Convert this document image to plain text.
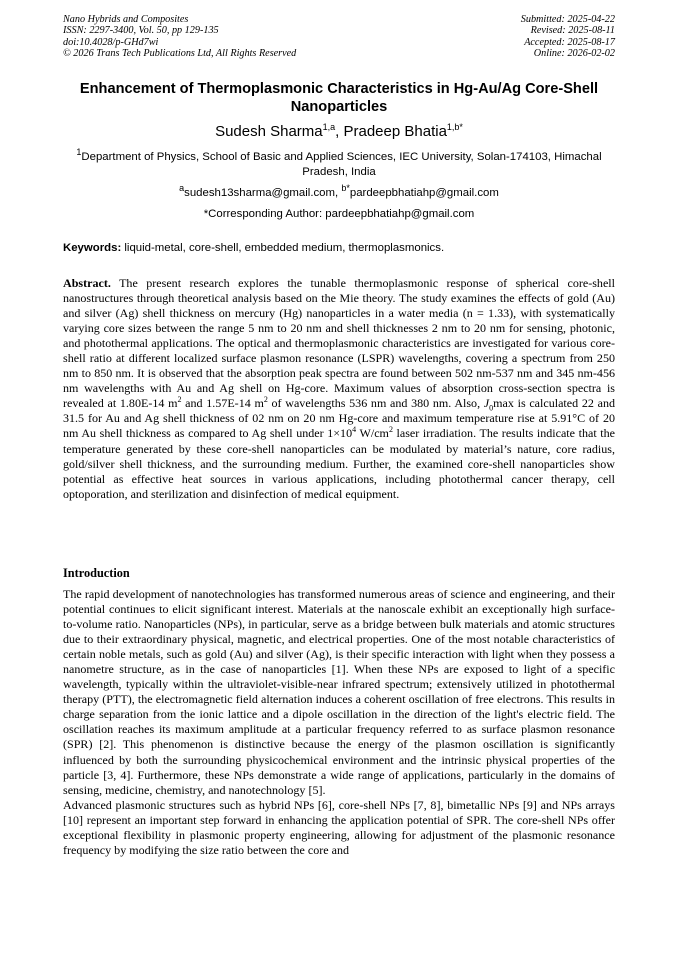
Nano Hybrids and Composites
ISSN: 2297-3400, Vol. 50, pp 129-135
doi:10.4028/p-GHd7wi
© 2026 Trans Tech Publications Ltd, All Rights Reserved
Submitted: 2025-04-22
Revised: 2025-08-11
Accepted: 2025-08-17
Online: 2026-02-02
Enhancement of Thermoplasmonic Characteristics in Hg-Au/Ag Core-Shell Nanoparticles
Sudesh Sharma$^{1,a}$, Pradeep Bhatia$^{1,b*}$
$^1$Department of Physics, School of Basic and Applied Sciences, IEC University, Solan-174103, Himachal Pradesh, India
$^a$sudesh13sharma@gmail.com, $^{b*}$pardeepbhatiahp@gmail.com
*Corresponding Author: pardeepbhatiahp@gmail.com
Keywords: liquid-metal, core-shell, embedded medium, thermoplasmonics.
Abstract. The present research explores the tunable thermoplasmonic response of spherical core-shell nanostructures through theoretical analysis based on the Mie theory. The study examines the effects of gold (Au) and silver (Ag) shell thickness on mercury (Hg) nanoparticles in a water media (n = 1.33), with systematically varying core sizes between the range 5 nm to 20 nm and shell thicknesses 2 nm to 20 nm for sensing, photonic, and photothermal applications. The optical and thermoplasmonic characteristics are investigated for various core-shell ratio at different localized surface plasmon resonance (LSPR) wavelengths, covering a spectrum from 250 nm to 850 nm. It is observed that the absorption peak spectra are found between 502 nm-537 nm and 345 nm-456 nm wavelengths with Au and Ag shell on Hg-core. Maximum values of absorption cross-section spectra is revealed at 1.80E-14 $m^2$ and 1.57E-14 $m^2$ of wavelengths 536 nm and 380 nm. Also, $J_0\max$ is calculated 22 and 31.5 for Au and Ag shell thickness of 02 nm on 20 nm Hg-core and maximum temperature rise at 5.91°C of 20 nm Au shell thickness as compared to Ag shell under $1\times 10^4$ $W/cm^2$ laser irradiation. The results indicate that the temperature generated by these core-shell nanoparticles can be modulated by material’s nature, core radius, gold/silver shell thickness, and the surrounding medium. Further, the examined core-shell nanoparticles show potential as effective heat sources in various applications, including photothermal cancer therapy, cell optoporation, and sterilization and disinfection of medical equipment.
Introduction

The rapid development of nanotechnologies has transformed numerous areas of science and engineering, and their potential continues to elicit significant interest. Materials at the nanoscale exhibit an exceptionally high surface-to-volume ratio. Nanoparticles (NPs), in particular, serve as a bridge between bulk materials and atomic structures due to their extraordinary physical, magnetic, and electrical properties. One of the most notable characteristics of certain noble metals, such as gold (Au) and silver (Ag), is their specific interaction with light when they possess a nanometre structure, as in the case of nanoparticles [1]. When these NPs are exposed to light of a specific wavelength, typically within the ultraviolet-visible-near infrared spectrum; extensively utilized in photothermal therapy (PTT), the electromagnetic field alternation induces a coherent oscillation of free electrons. This results in charge separation from the ionic lattice and a dipole oscillation in the direction of the light's electric field. The oscillation reaches its maximum amplitude at a particular frequency referred to as surface plasmon resonance (SPR) [2]. This phenomenon is distinctive because the energy of the plasmon oscillation is significantly influenced by both the surrounding physicochemical environment and the intrinsic physical properties of the particle [3, 4]. Furthermore, these NPs demonstrate a wide range of applications, particularly in the domains of sensing, medicine, chemistry, and nanotechnology [5].

Advanced plasmonic structures such as hybrid NPs [6], core-shell NPs [7, 8], bimetallic NPs [9] and NPs arrays [10] represent an important step forward in enhancing the application potential of SPR. The core-shell NPs offer exceptional flexibility in plasmonic property engineering, allowing for adjustment of the plasmonic resonance frequency by modifying the size ratio between the core and
